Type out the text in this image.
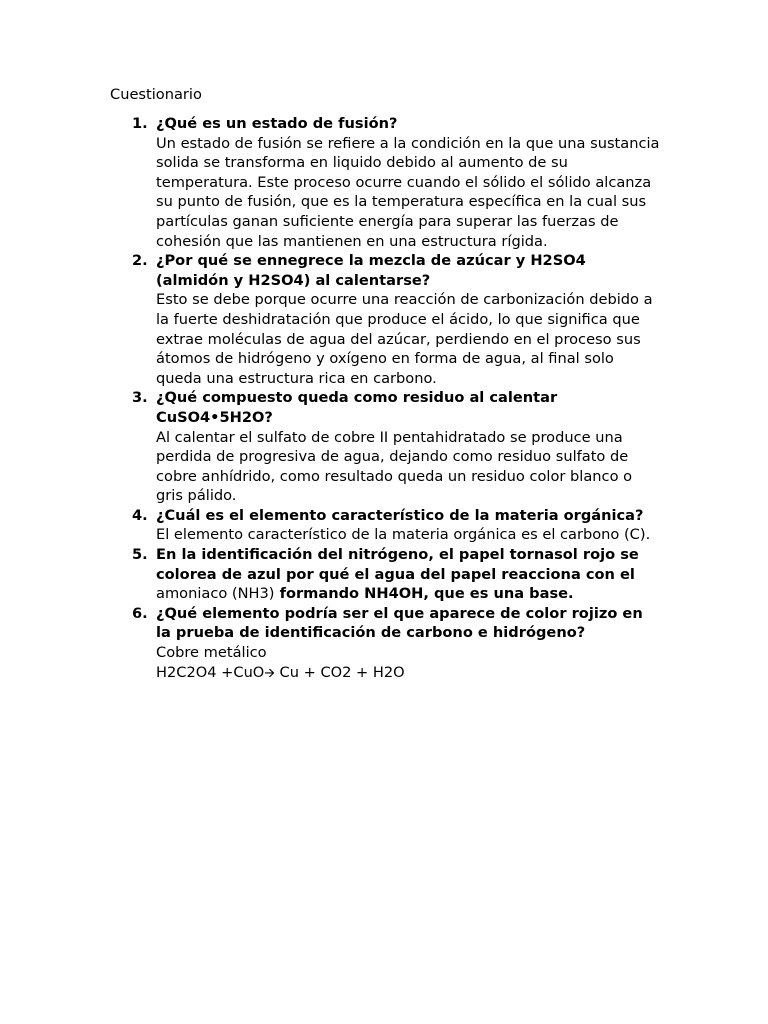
Cuestionario

1. ¿Qué es un estado de fusión?
Un estado de fusión se refiere a la condición en la que una sustancia solida se transforma en liquido debido al aumento de su temperatura. Este proceso ocurre cuando el sólido el sólido alcanza su punto de fusión, que es la temperatura específica en la cual sus partículas ganan suficiente energía para superar las fuerzas de cohesión que las mantienen en una estructura rígida.
2. ¿Por qué se ennegrece la mezcla de azúcar y H2SO4 (almidón y H2SO4) al calentarse?
Esto se debe porque ocurre una reacción de carbonización debido a la fuerte deshidratación que produce el ácido, lo que significa que extrae moléculas de agua del azúcar, perdiendo en el proceso sus átomos de hidrógeno y oxígeno en forma de agua, al final solo queda una estructura rica en carbono.
3. ¿Qué compuesto queda como residuo al calentar CuSO4•5H2O?
Al calentar el sulfato de cobre II pentahidratado se produce una perdida de progresiva de agua, dejando como residuo sulfato de cobre anhídrido, como resultado queda un residuo color blanco o gris pálido.
4. ¿Cuál es el elemento característico de la materia orgánica?
El elemento característico de la materia orgánica es el carbono (C).
5. En la identificación del nitrógeno, el papel tornasol rojo se colorea de azul por qué el agua del papel reacciona con el amoniaco (NH3) formando NH4OH, que es una base.
6. ¿Qué elemento podría ser el que aparece de color rojizo en la prueba de identificación de carbono e hidrógeno?
Cobre metálico
H2C2O4 +CuO🡪 Cu + CO2 + H2O
